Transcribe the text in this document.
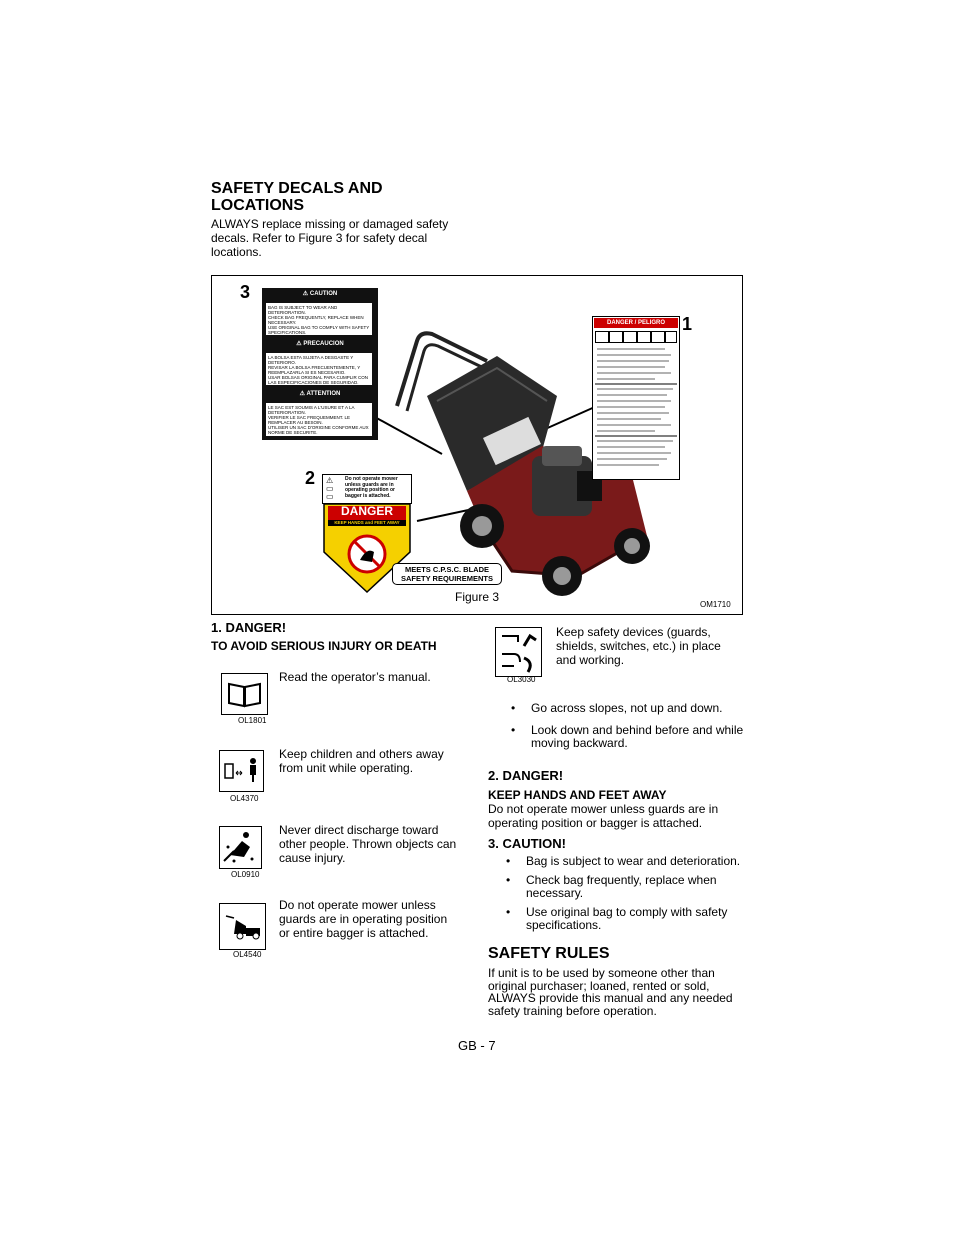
SAFETY DECALS AND
LOCATIONS
ALWAYS replace missing or damaged safety
decals. Refer to Figure 3 for safety decal
locations.
3
2
1
⚠ CAUTION
BAG IS SUBJECT TO WEAR AND DETERIORATION.
CHECK BAG FREQUENTLY, REPLACE WHEN NECESSARY.
USE ORIGINAL BAG TO COMPLY WITH SAFETY SPECIFICATIONS.
⚠ PRECAUCION
LA BOLSA ESTA SUJETA A DESGASTE Y DETERIORO.
REVISAR LA BOLSA FRECUENTEMENTE, Y REEMPLAZARLA SI ES NECESARIO.
USAR BOLSAS ORIGINAL PARA CUMPLIR CON LAS ESPECIFICACIONES DE SEGURIDAD.
⚠ ATTENTION
LE SAC EST SOUMIS A L'USURE ET A LA DETERIORATION.
VERIFIER LE SAC FREQUEMMENT. LE REMPLACER AU BESOIN.
UTILISER UN SAC D'ORIGINE CONFORME AUX NORME DE SECURITE.
⚠
▭
▭
Do not operate mower unless guards are in operating position or bagger is attached.
DANGER
KEEP HANDS and FEET AWAY
DANGER / PELIGRO
MEETS C.P.S.C. BLADE
SAFETY REQUIREMENTS
Figure 3
OM1710
1. DANGER!
TO AVOID SERIOUS INJURY OR DEATH
OL1801
Read the operator’s manual.
OL4370
Keep children and others away
from unit while operating.
OL0910
Never direct discharge toward
other people. Thrown objects can
cause injury.
OL4540
Do not operate mower unless
guards are in operating position
or entire bagger is attached.
OL3030
Keep safety devices (guards,
shields, switches, etc.) in place
and working.
• Go across slopes, not up and down.
• Look down and behind before and while moving backward.
2. DANGER!
KEEP HANDS AND FEET AWAY
Do not operate mower unless guards are in
operating position or bagger is attached.
3. CAUTION!
• Bag is subject to wear and deterioration.
• Check bag frequently, replace when necessary.
• Use original bag to comply with safety specifications.
SAFETY RULES
If unit is to be used by someone other than
original purchaser; loaned, rented or sold,
ALWAYS provide this manual and any needed
safety training before operation.
GB - 7
